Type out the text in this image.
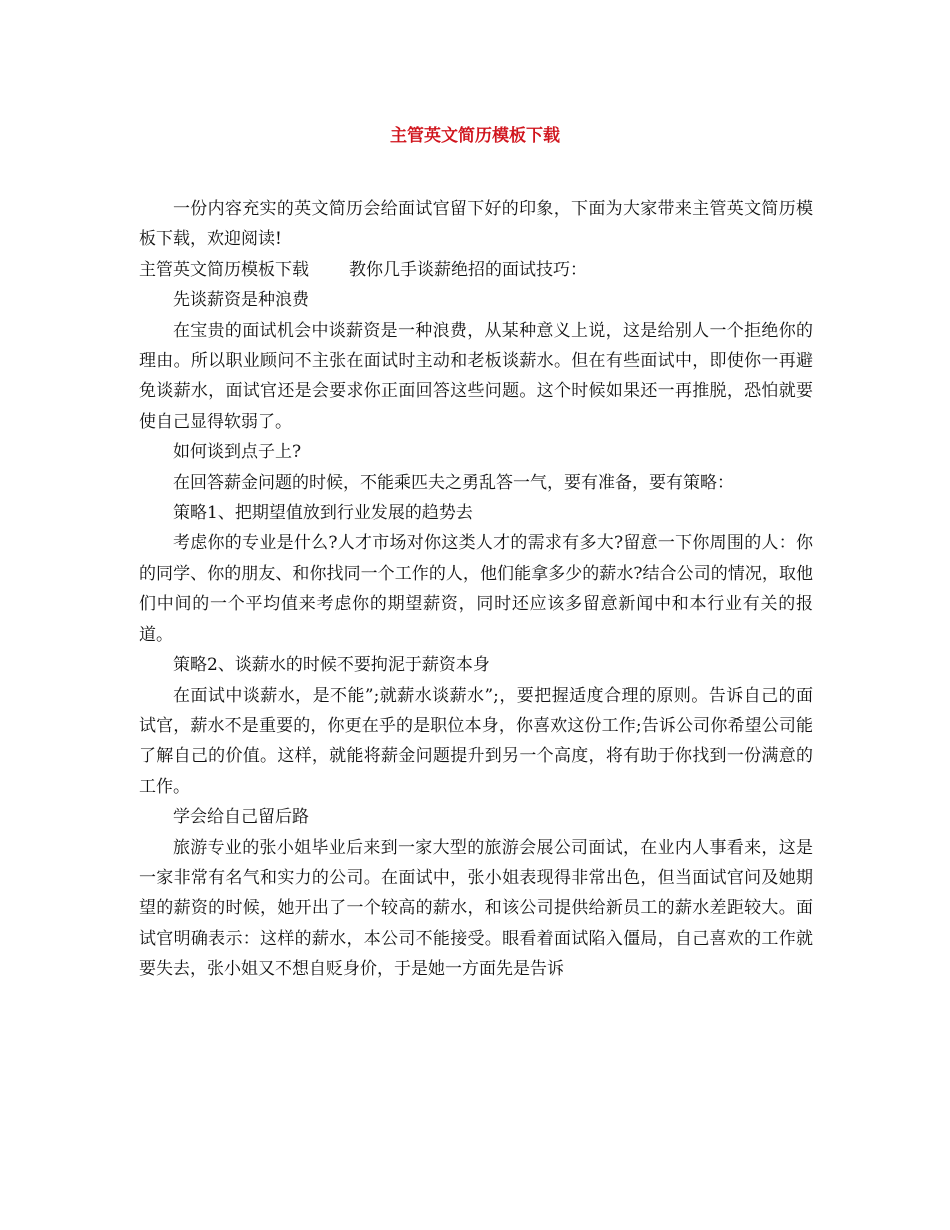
主管英文简历模板下载

一份内容充实的英文简历会给面试官留下好的印象，下面为大家带来主管英文简历模板下载，欢迎阅读!

主管英文简历模板下载 教你几手谈薪绝招的面试技巧：

先谈薪资是种浪费

在宝贵的面试机会中谈薪资是一种浪费，从某种意义上说，这是给别人一个拒绝你的理由。所以职业顾问不主张在面试时主动和老板谈薪水。但在有些面试中，即使你一再避免谈薪水，面试官还是会要求你正面回答这些问题。这个时候如果还一再推脱，恐怕就要使自己显得软弱了。

如何谈到点子上?

在回答薪金问题的时候，不能乘匹夫之勇乱答一气，要有准备，要有策略：

策略1、把期望值放到行业发展的趋势去

考虑你的专业是什么?人才市场对你这类人才的需求有多大?留意一下你周围的人：你的同学、你的朋友、和你找同一个工作的人，他们能拿多少的薪水?结合公司的情况，取他们中间的一个平均值来考虑你的期望薪资，同时还应该多留意新闻中和本行业有关的报道。

策略2、谈薪水的时候不要拘泥于薪资本身

在面试中谈薪水，是不能”;就薪水谈薪水”;，要把握适度合理的原则。告诉自己的面试官，薪水不是重要的，你更在乎的是职位本身，你喜欢这份工作;告诉公司你希望公司能了解自己的价值。这样，就能将薪金问题提升到另一个高度，将有助于你找到一份满意的工作。

学会给自己留后路

旅游专业的张小姐毕业后来到一家大型的旅游会展公司面试，在业内人事看来，这是一家非常有名气和实力的公司。在面试中，张小姐表现得非常出色，但当面试官问及她期望的薪资的时候，她开出了一个较高的薪水，和该公司提供给新员工的薪水差距较大。面试官明确表示：这样的薪水，本公司不能接受。眼看着面试陷入僵局，自己喜欢的工作就要失去，张小姐又不想自贬身价，于是她一方面先是告诉
